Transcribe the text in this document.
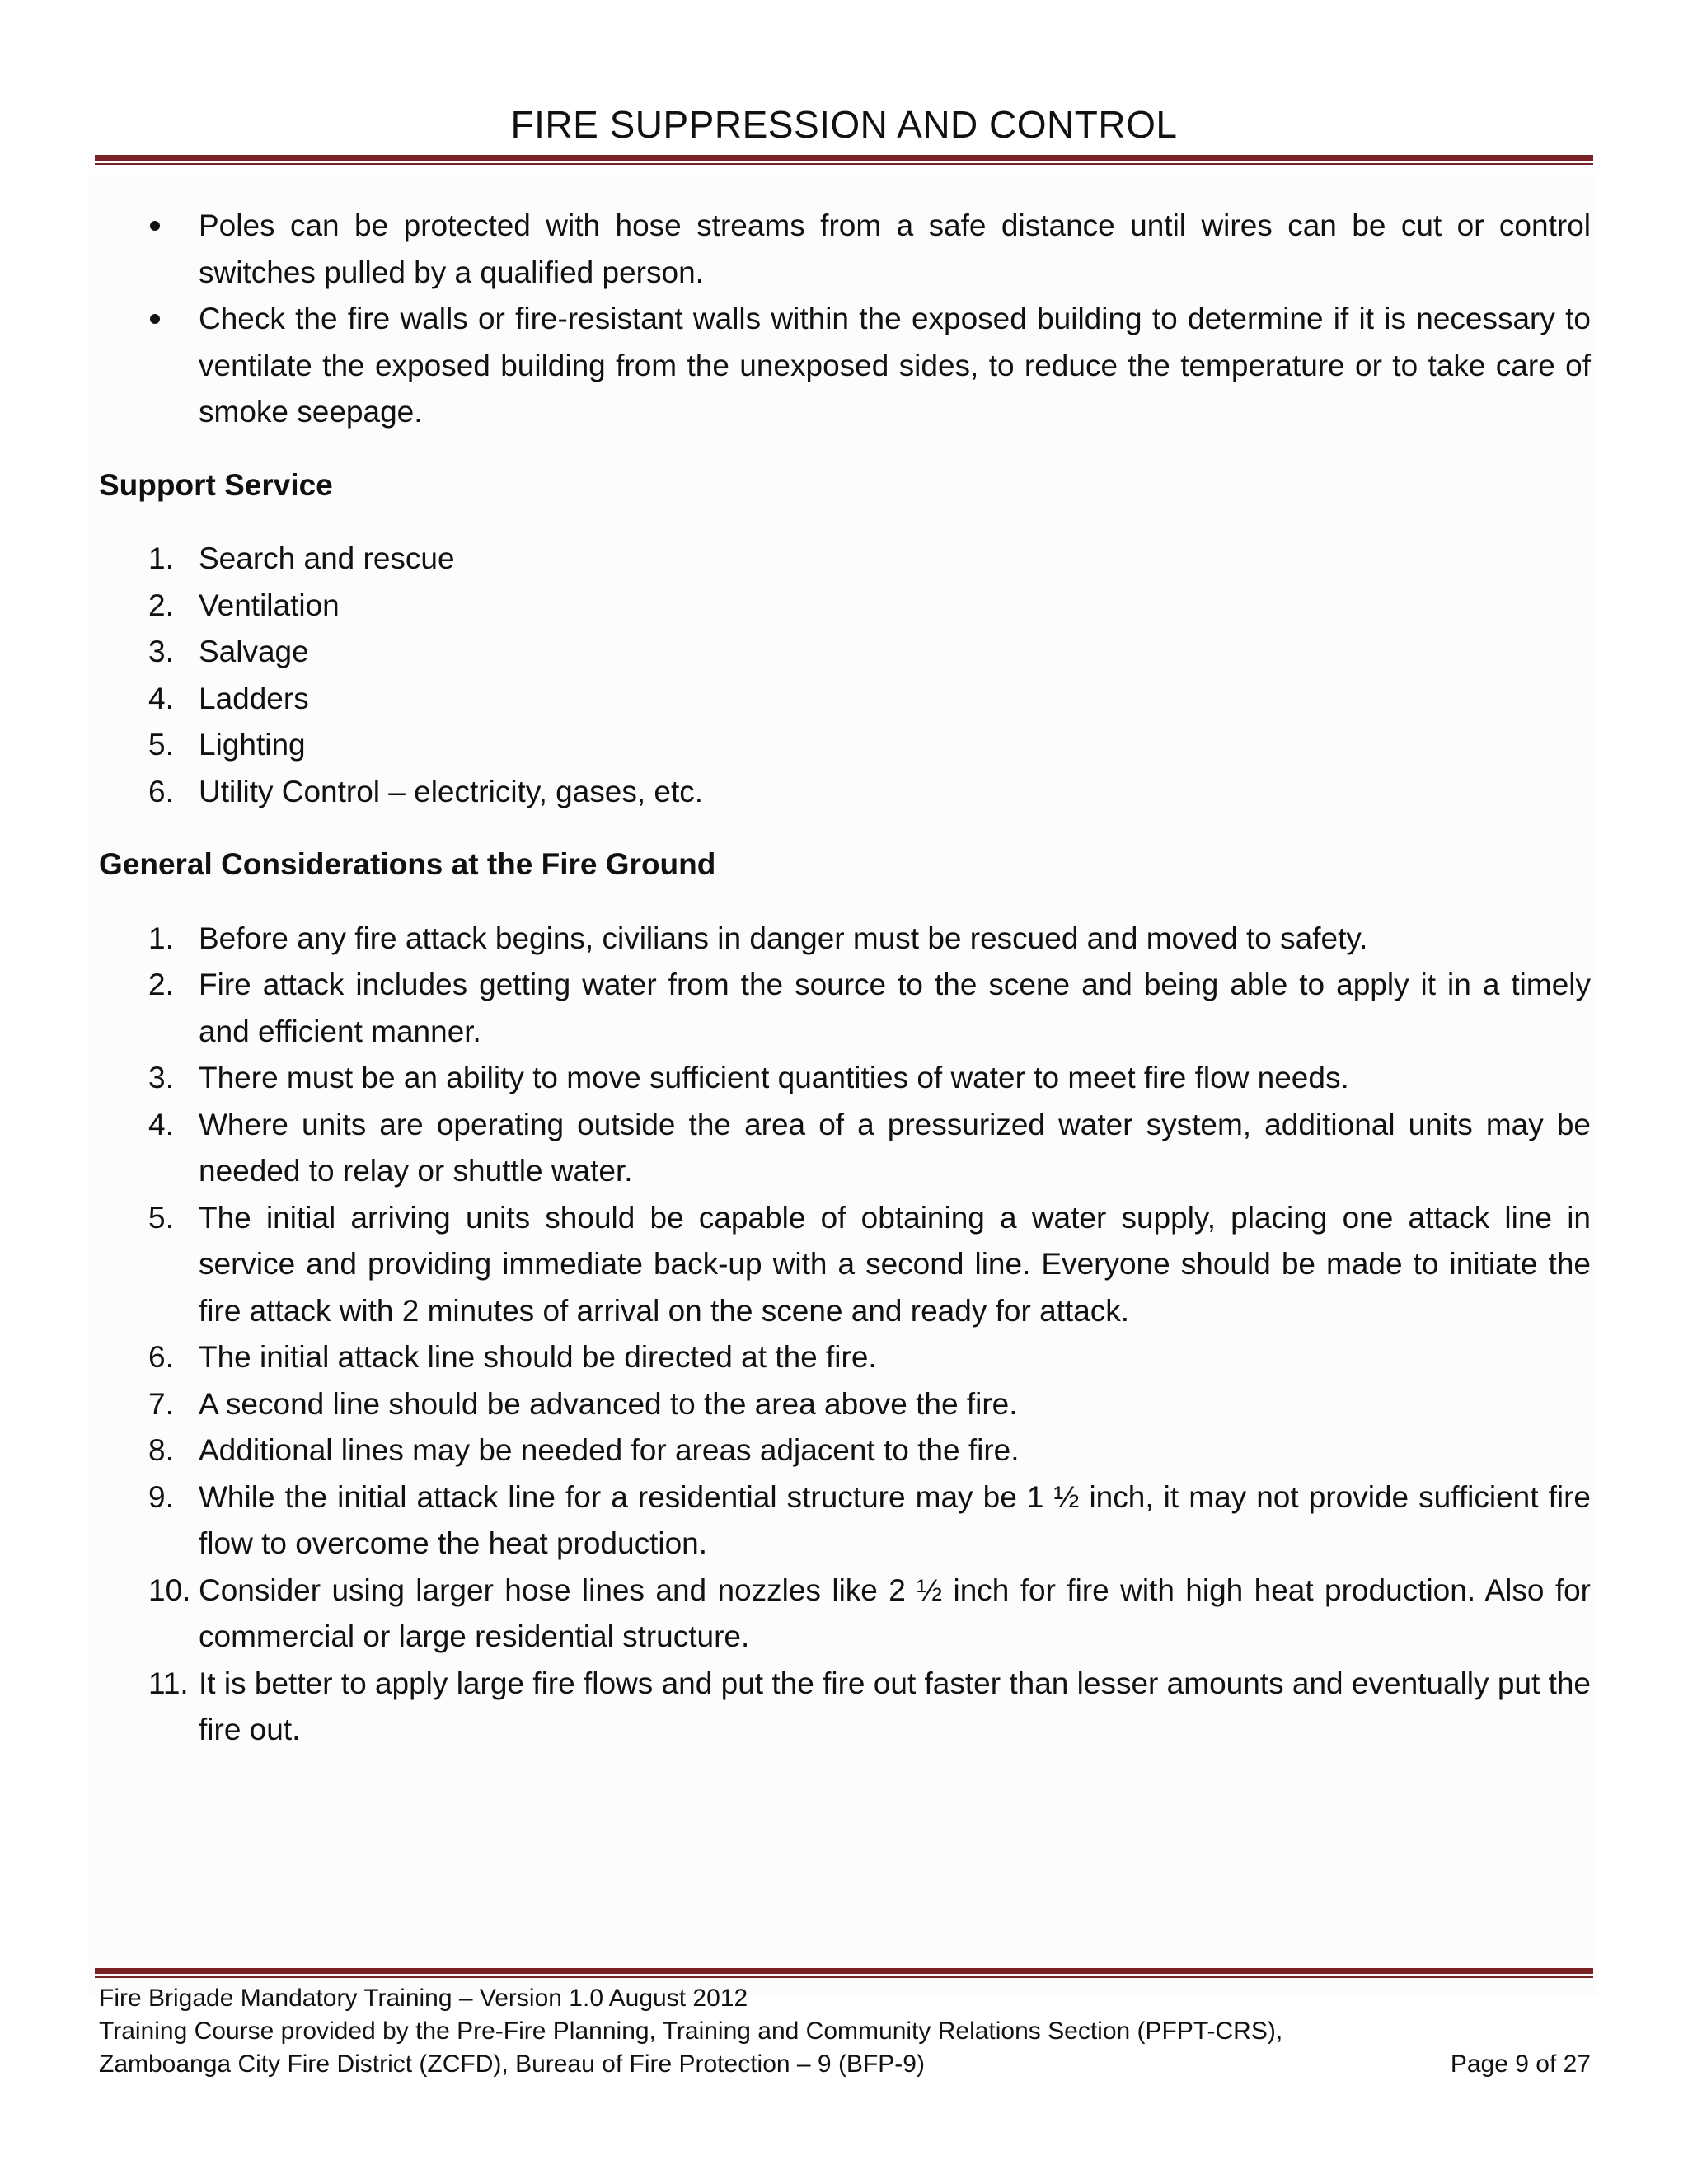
FIRE SUPPRESSION AND CONTROL
Poles can be protected with hose streams from a safe distance until wires can be cut or control switches pulled by a qualified person.
Check the fire walls or fire-resistant walls within the exposed building to determine if it is necessary to ventilate the exposed building from the unexposed sides, to reduce the temperature or to take care of smoke seepage.
Support Service
1. Search and rescue
2. Ventilation
3. Salvage
4. Ladders
5. Lighting
6. Utility Control – electricity, gases, etc.
General Considerations at the Fire Ground
1. Before any fire attack begins, civilians in danger must be rescued and moved to safety.
2. Fire attack includes getting water from the source to the scene and being able to apply it in a timely and efficient manner.
3. There must be an ability to move sufficient quantities of water to meet fire flow needs.
4. Where units are operating outside the area of a pressurized water system, additional units may be needed to relay or shuttle water.
5. The initial arriving units should be capable of obtaining a water supply, placing one attack line in service and providing immediate back-up with a second line. Everyone should be made to initiate the fire attack with 2 minutes of arrival on the scene and ready for attack.
6. The initial attack line should be directed at the fire.
7. A second line should be advanced to the area above the fire.
8. Additional lines may be needed for areas adjacent to the fire.
9. While the initial attack line for a residential structure may be 1 ½ inch, it may not provide sufficient fire flow to overcome the heat production.
10. Consider using larger hose lines and nozzles like 2 ½ inch for fire with high heat production. Also for commercial or large residential structure.
11. It is better to apply large fire flows and put the fire out faster than lesser amounts and eventually put the fire out.
Fire Brigade Mandatory Training – Version 1.0 August 2012
Training Course provided by the Pre-Fire Planning, Training and Community Relations Section (PFPT-CRS),
Zamboanga City Fire District (ZCFD), Bureau of Fire Protection – 9 (BFP-9)	Page 9 of 27
